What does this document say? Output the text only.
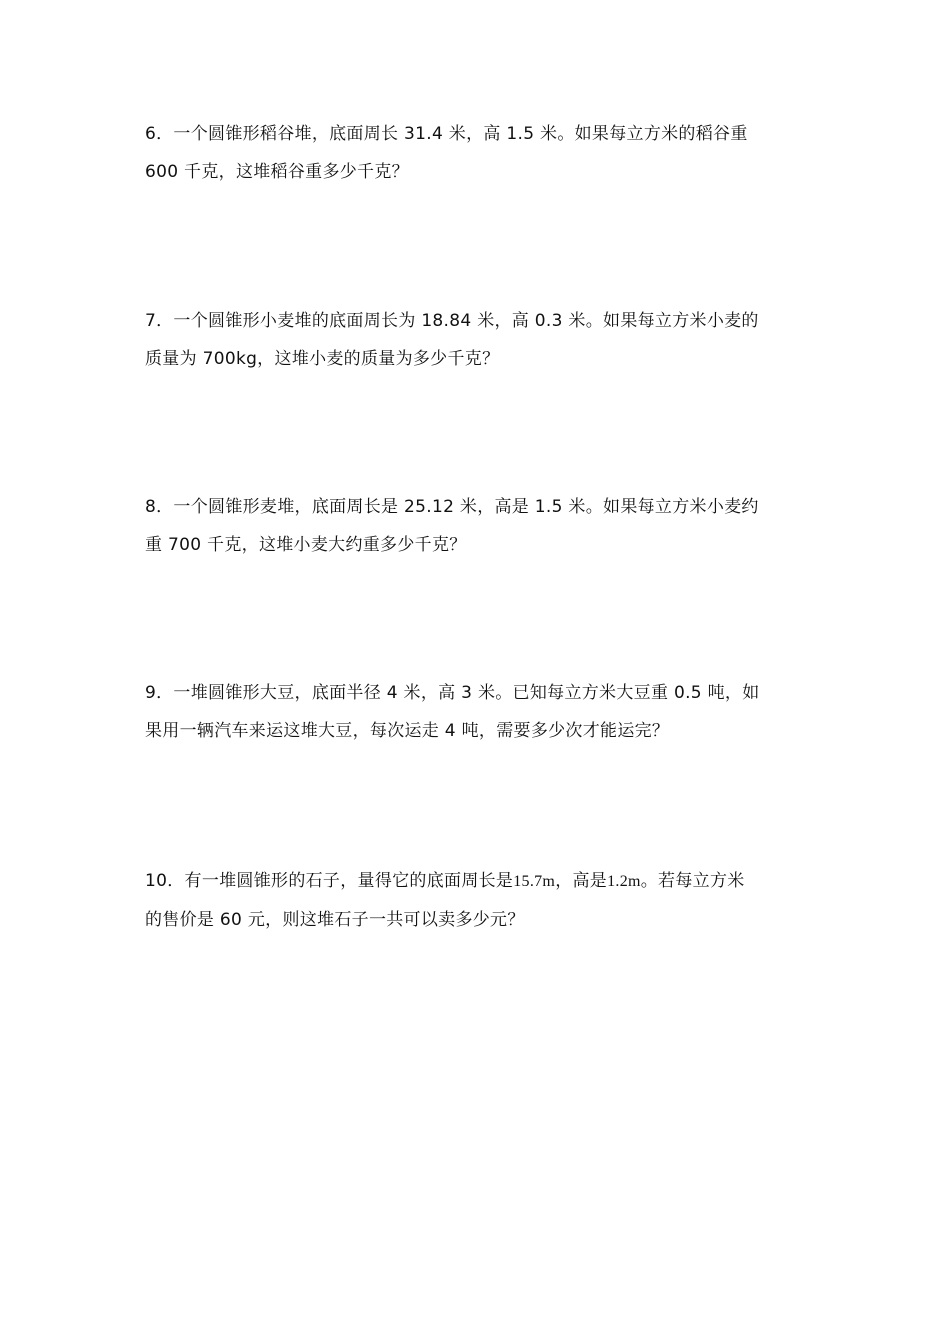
6．一个圆锥形稻谷堆，底面周长 31.4 米，高 1.5 米。如果每立方米的稻谷重
600 千克，这堆稻谷重多少千克？
7．一个圆锥形小麦堆的底面周长为 18.84 米，高 0.3 米。如果每立方米小麦的
质量为 700kg，这堆小麦的质量为多少千克？
8．一个圆锥形麦堆，底面周长是 25.12 米，高是 1.5 米。如果每立方米小麦约
重 700 千克，这堆小麦大约重多少千克？
9．一堆圆锥形大豆，底面半径 4 米，高 3 米。已知每立方米大豆重 0.5 吨，如
果用一辆汽车来运这堆大豆，每次运走 4 吨，需要多少次才能运完？
10．有一堆圆锥形的石子，量得它的底面周长是15.7m，高是1.2m。若每立方米
的售价是 60 元，则这堆石子一共可以卖多少元？
